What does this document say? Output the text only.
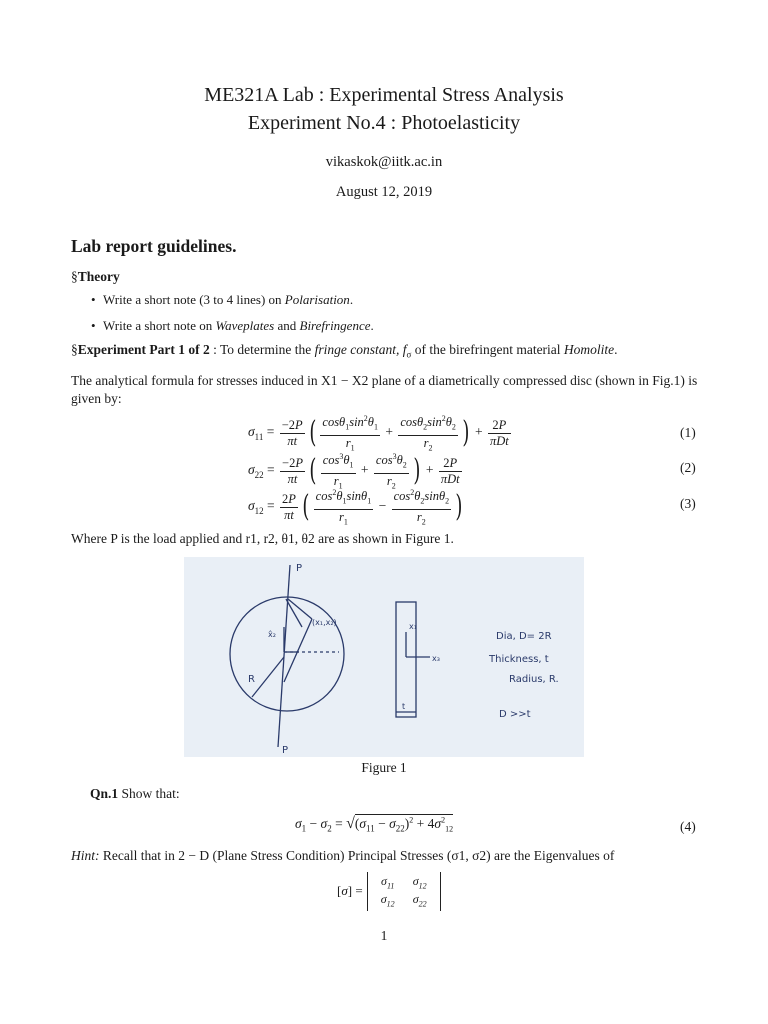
ME321A Lab : Experimental Stress Analysis
Experiment No.4 : Photoelasticity
vikaskok@iitk.ac.in
August 12, 2019
Lab report guidelines.
§Theory
• Write a short note (3 to 4 lines) on Polarisation.
• Write a short note on Waveplates and Birefringence.
§Experiment Part 1 of 2 : To determine the fringe constant, $f_\sigma$ of the birefringent material Homolite.
The analytical formula for stresses induced in X1 − X2 plane of a diametrically compressed disc (shown in Fig.1) is given by:
$\sigma_{11} = \frac{-2P}{\pi t}$ ( $\frac{\cos\theta_1\sin^2\theta_1}{r_1} + \frac{\cos\theta_2\sin^2\theta_2}{r_2}$ ) + $\frac{2P}{\text{πDt}}$	(1)
$\sigma_{22} = \frac{-2P}{\pi t}$ ( $\frac{\cos^3\theta_1}{r_1} + \frac{\cos^3\theta_2}{r_2}$ ) + $\frac{2P}{\text{πDt}}$	(2)
$\sigma_{12} = \frac{2P}{\pi t}$ ( $\frac{\cos^2\theta_1\sin\theta_1}{r_1} - \frac{\cos^2\theta_2\sin\theta_2}{r_2}$ )	(3)
Where P is the load applied and r1, r2, θ1, θ2 are as shown in Figure 1.
P
P
R
(x₁,x₂)
x̂₂
x₁
x₃
t
Dia, D= 2R
Thickness, t
Radius, R.
D >>t
Figure 1
Qn.1 Show that:
$\sigma_1 - \sigma_2 = √(\sigma_{11} - \sigma_{22})^2 + 4\sigma^2_{12}$	(4)
Hint: Recall that in 2 − D (Plane Stress Condition) Principal Stresses (σ1, σ2) are the Eigenvalues of
[σ] =
$\sigma_{11}$	$\sigma_{12}$
$\sigma_{12}$	$\sigma_{22}$
1
